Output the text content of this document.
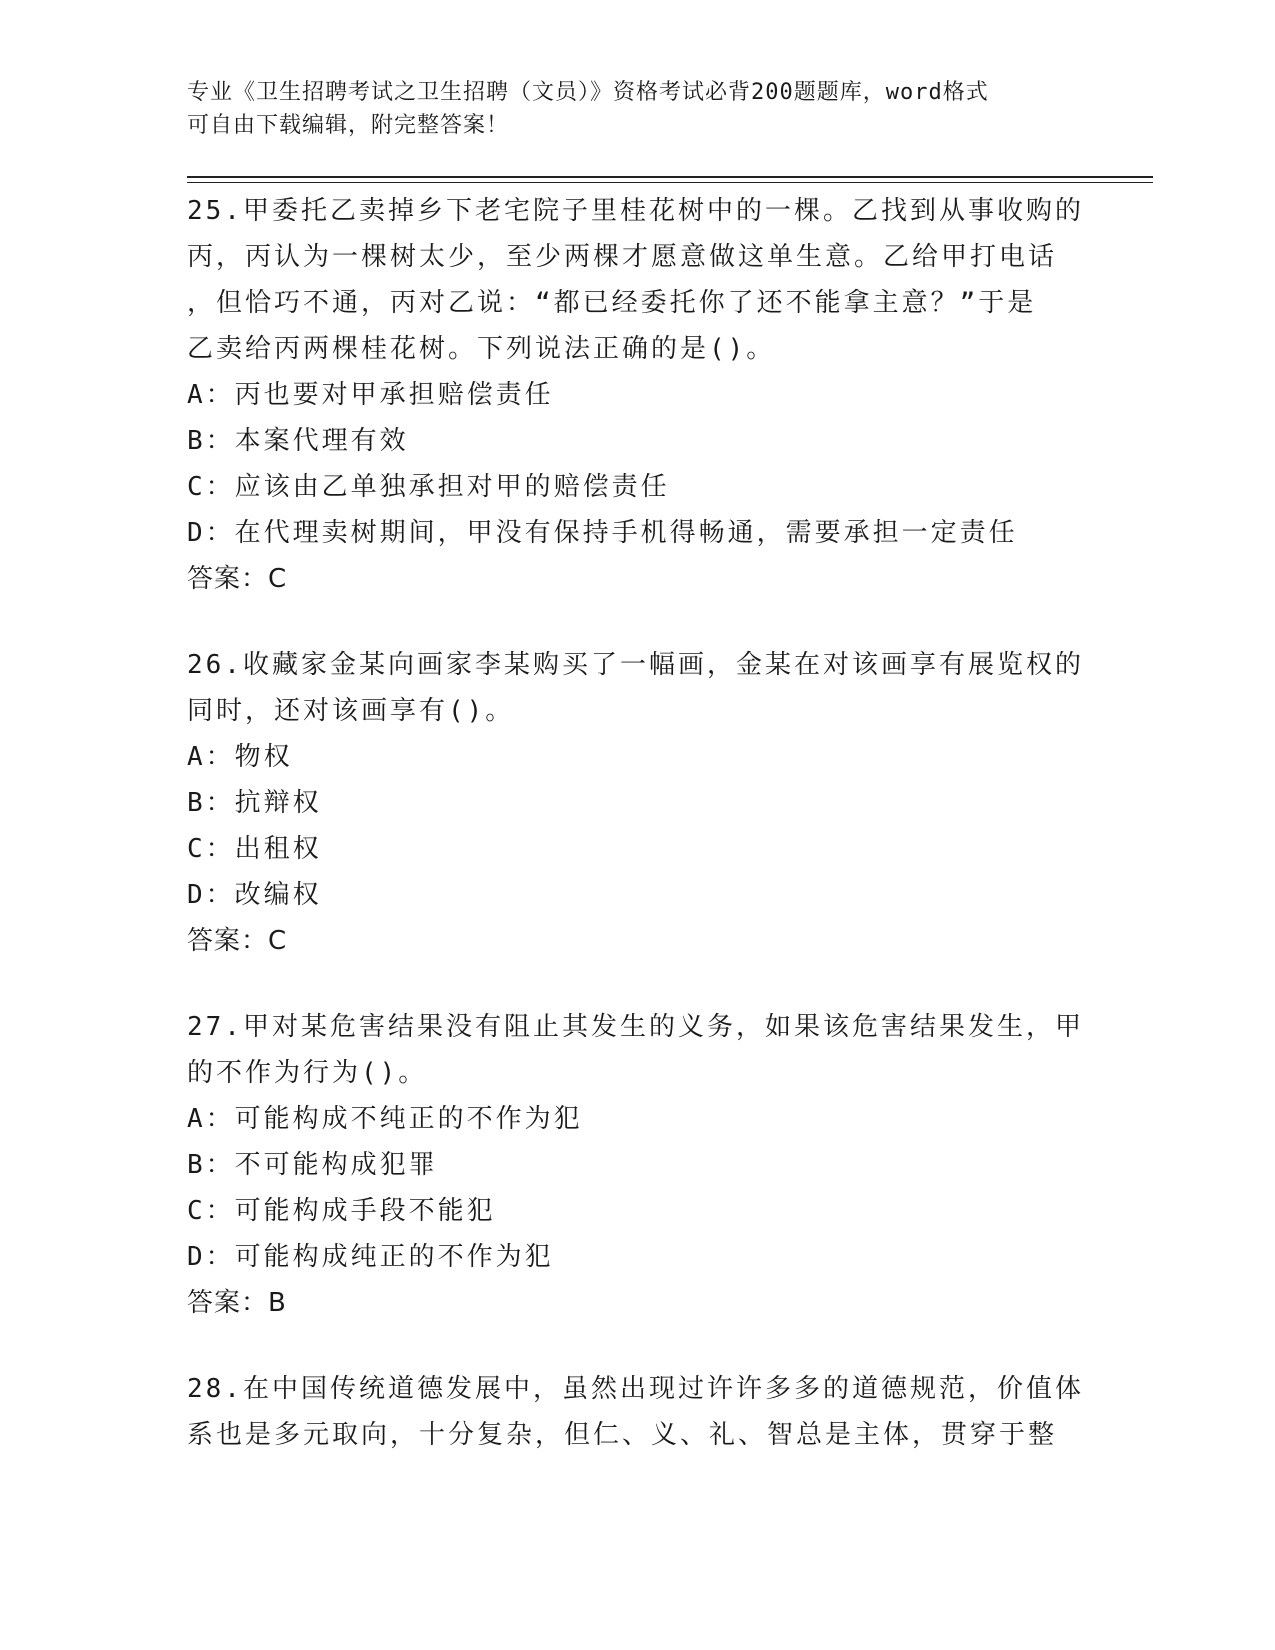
专业《卫生招聘考试之卫生招聘（文员）》资格考试必背200题题库，word格式
可自由下载编辑，附完整答案！
25.甲委托乙卖掉乡下老宅院子里桂花树中的一棵。乙找到从事收购的
丙，丙认为一棵树太少，至少两棵才愿意做这单生意。乙给甲打电话
，但恰巧不通，丙对乙说：“都已经委托你了还不能拿主意？”于是
乙卖给丙两棵桂花树。下列说法正确的是()。
A：丙也要对甲承担赔偿责任
B：本案代理有效
C：应该由乙单独承担对甲的赔偿责任
D：在代理卖树期间，甲没有保持手机得畅通，需要承担一定责任
答案：C
26.收藏家金某向画家李某购买了一幅画，金某在对该画享有展览权的
同时，还对该画享有()。
A：物权
B：抗辩权
C：出租权
D：改编权
答案：C
27.甲对某危害结果没有阻止其发生的义务，如果该危害结果发生，甲
的不作为行为()。
A：可能构成不纯正的不作为犯
B：不可能构成犯罪
C：可能构成手段不能犯
D：可能构成纯正的不作为犯
答案：B
28.在中国传统道德发展中，虽然出现过许许多多的道德规范，价值体
系也是多元取向，十分复杂，但仁、义、礼、智总是主体，贯穿于整
